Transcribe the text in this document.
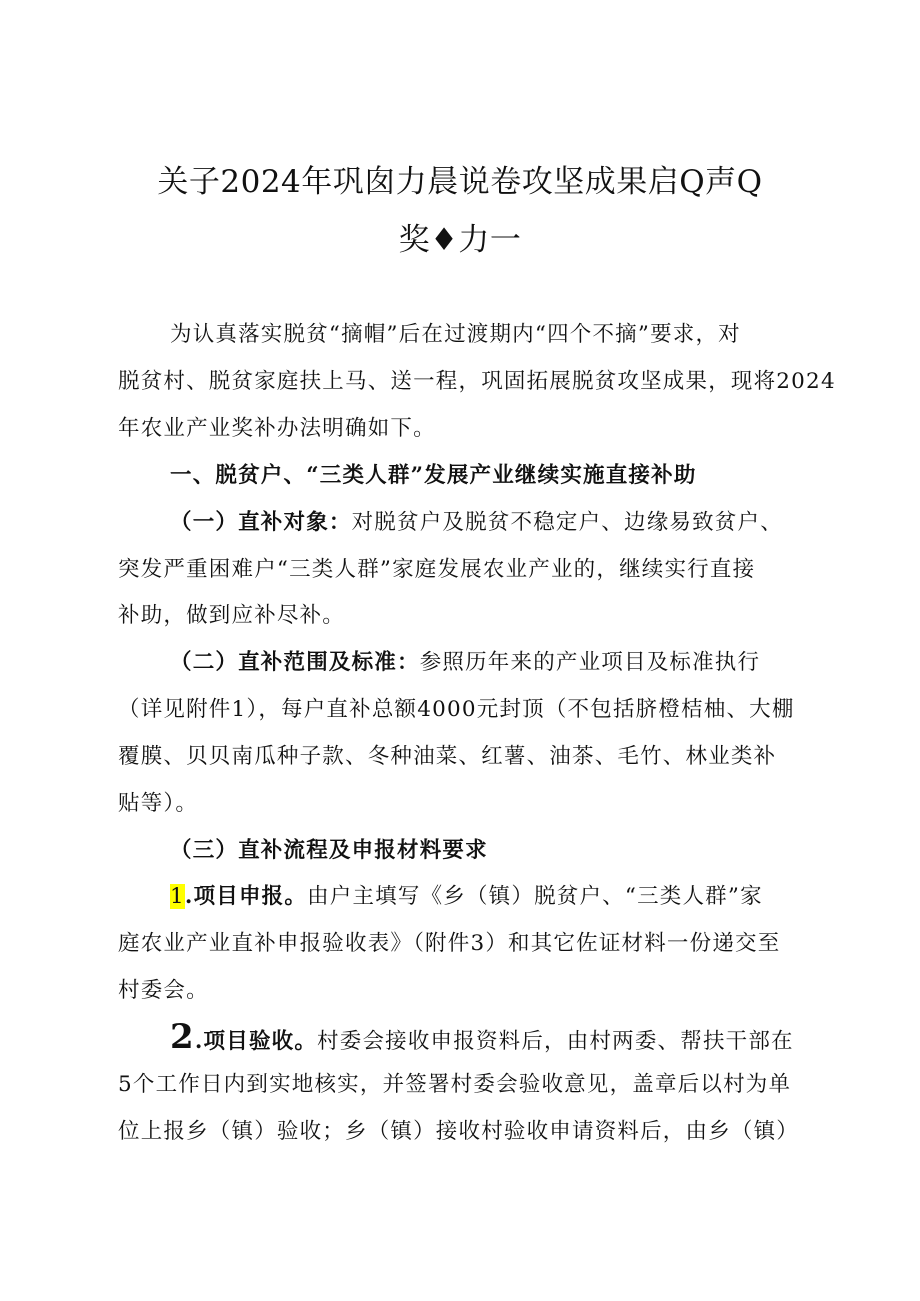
关子2024年巩囱力晨说卷攻坚成果启Q声Q
奖♦力一
为认真落实脱贫“摘帽”后在过渡期内“四个不摘”要求，对
脱贫村、脱贫家庭扶上马、送一程，巩固拓展脱贫攻坚成果，现将2024
年农业产业奖补办法明确如下。
一、脱贫户、“三类人群”发展产业继续实施直接补助
（一）直补对象：对脱贫户及脱贫不稳定户、边缘易致贫户、
突发严重困难户“三类人群”家庭发展农业产业的，继续实行直接
补助，做到应补尽补。
（二）直补范围及标准：参照历年来的产业项目及标准执行
（详见附件1），每户直补总额4000元封顶（不包括脐橙桔柚、大棚
覆膜、贝贝南瓜种子款、冬种油菜、红薯、油茶、毛竹、林业类补
贴等）。
（三）直补流程及申报材料要求
1.项目申报。由户主填写《乡（镇）脱贫户、“三类人群”家
庭农业产业直补申报验收表》（附件3）和其它佐证材料一份递交至
村委会。
2.项目验收。村委会接收申报资料后，由村两委、帮扶干部在
5个工作日内到实地核实，并签署村委会验收意见，盖章后以村为单
位上报乡（镇）验收；乡（镇）接收村验收申请资料后，由乡（镇）
